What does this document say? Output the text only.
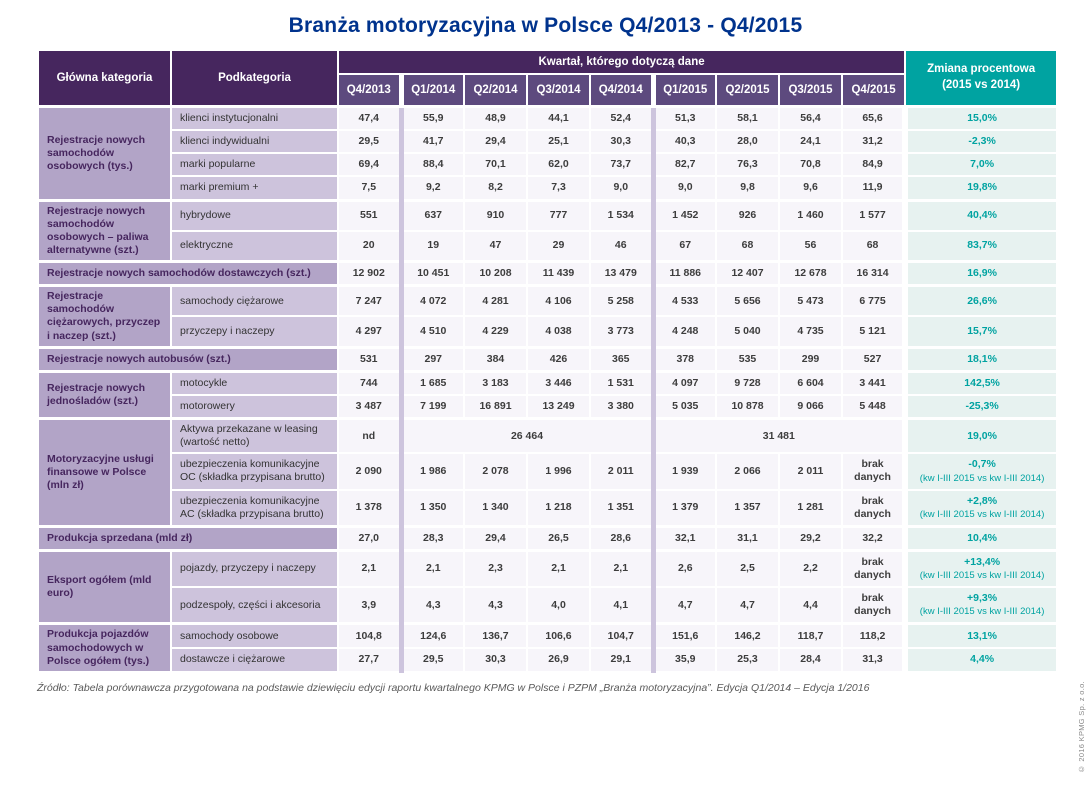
Branża motoryzacyjna w Polsce Q4/2013 - Q4/2015
Główna kategoria	Podkategoria	Kwartał, którego dotyczą dane									Zmiana procentowa (2015 vs 2014)
		Q4/2013	Q1/2014	Q2/2014	Q3/2014	Q4/2014	Q1/2015	Q2/2015	Q3/2015	Q4/2015	
Rejestracje nowych samochodów osobowych (tys.)	klienci instytucjonalni	47,4	55,9	48,9	44,1	52,4	51,3	58,1	56,4	65,6	15,0%

	klienci indywidualni	29,5	41,7	29,4	25,1	30,3	40,3	28,0	24,1	31,2	-2,3%

	marki popularne	69,4	88,4	70,1	62,0	73,7	82,7	76,3	70,8	84,9	7,0%

	marki premium +	7,5	9,2	8,2	7,3	9,0	9,0	9,8	9,6	11,9	19,8%

Rejestracje nowych samochodów osobowych – paliwa alternatywne (szt.)	hybrydowe	551	637	910	777	1 534	1 452	926	1 460	1 577	40,4%

	elektryczne	20	19	47	29	46	67	68	56	68	83,7%

Rejestracje nowych samochodów dostawczych (szt.)		12 902	10 451	10 208	11 439	13 479	11 886	12 407	12 678	16 314	16,9%

Rejestracje samochodów ciężarowych, przyczep i naczep (szt.)	samochody ciężarowe	7 247	4 072	4 281	4 106	5 258	4 533	5 656	5 473	6 775	26,6%

	przyczepy i naczepy	4 297	4 510	4 229	4 038	3 773	4 248	5 040	4 735	5 121	15,7%

Rejestracje nowych autobusów (szt.)		531	297	384	426	365	378	535	299	527	18,1%

Rejestracje nowych jednośladów (szt.)	motocykle	744	1 685	3 183	3 446	1 531	4 097	9 728	6 604	3 441	142,5%

	motorowery	3 487	7 199	16 891	13 249	3 380	5 035	10 878	9 066	5 448	-25,3%

Motoryzacyjne usługi finansowe w Polsce (mln zł)	Aktywa przekazane w leasing (wartość netto)	nd	26 464				31 481				19,0%

	ubezpieczenia komunikacyjne OC (składka przypisana brutto)	2 090	1 986	2 078	1 996	2 011	1 939	2 066	2 011	brak danych	-0,7%
(kw I-III 2015 vs kw I-III 2014)

	ubezpieczenia komunikacyjne AC (składka przypisana brutto)	1 378	1 350	1 340	1 218	1 351	1 379	1 357	1 281	brak danych	+2,8%
(kw I-III 2015 vs kw I-III 2014)

Produkcja sprzedana (mld zł)		27,0	28,3	29,4	26,5	28,6	32,1	31,1	29,2	32,2	10,4%

Eksport ogółem (mld euro)	pojazdy, przyczepy i naczepy	2,1	2,1	2,3	2,1	2,1	2,6	2,5	2,2	brak danych	+13,4%
(kw I-III 2015 vs kw I-III 2014)

	podzespoły, części i akcesoria	3,9	4,3	4,3	4,0	4,1	4,7	4,7	4,4	brak danych	+9,3%
(kw I-III 2015 vs kw I-III 2014)

Produkcja pojazdów samochodowych w Polsce ogółem (tys.)	samochody osobowe	104,8	124,6	136,7	106,6	104,7	151,6	146,2	118,7	118,2	13,1%

	dostawcze i ciężarowe	27,7	29,5	30,3	26,9	29,1	35,9	25,3	28,4	31,3	4,4%
Źródło: Tabela porównawcza przygotowana na podstawie dziewięciu edycji raportu kwartalnego KPMG w Polsce i PZPM „Branża motoryzacyjna”. Edycja Q1/2014 – Edycja 1/2016	© 2016 KPMG Sp. z o.o.
